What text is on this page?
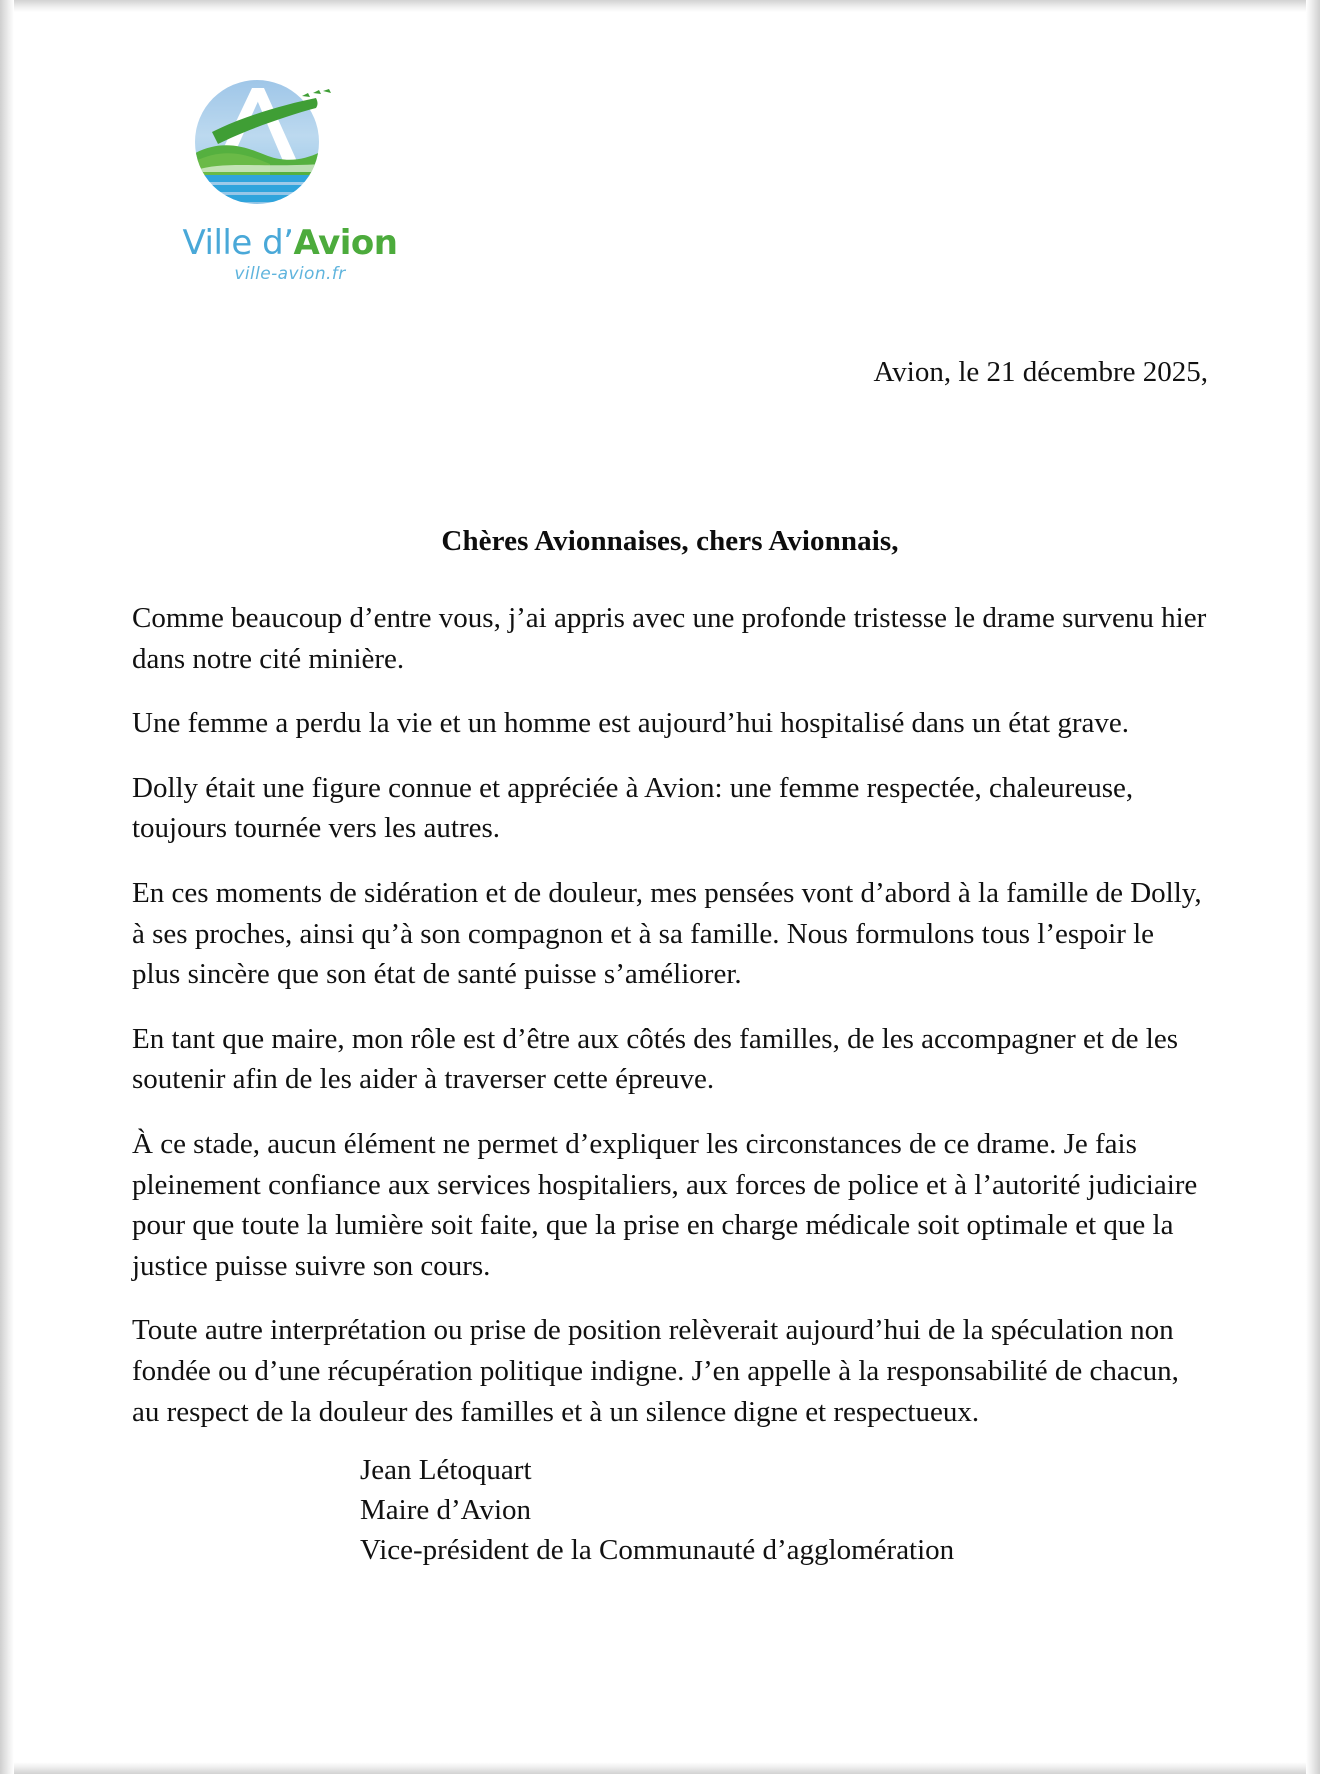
Ville d’Avion
ville-avion.fr
Avion, le 21 décembre 2025,

Chères Avionnaises, chers Avionnais,

Comme beaucoup d’entre vous, j’ai appris avec une profonde tristesse le drame survenu hier dans notre cité minière.

Une femme a perdu la vie et un homme est aujourd’hui hospitalisé dans un état grave.

Dolly était une figure connue et appréciée à Avion: une femme respectée, chaleureuse, toujours tournée vers les autres.

En ces moments de sidération et de douleur, mes pensées vont d’abord à la famille de Dolly, à ses proches, ainsi qu’à son compagnon et à sa famille. Nous formulons tous l’espoir le plus sincère que son état de santé puisse s’améliorer.

En tant que maire, mon rôle est d’être aux côtés des familles, de les accompagner et de les soutenir afin de les aider à traverser cette épreuve.

À ce stade, aucun élément ne permet d’expliquer les circonstances de ce drame. Je fais pleinement confiance aux services hospitaliers, aux forces de police et à l’autorité judiciaire pour que toute la lumière soit faite, que la prise en charge médicale soit optimale et que la justice puisse suivre son cours.

Toute autre interprétation ou prise de position relèverait aujourd’hui de la spéculation non fondée ou d’une récupération politique indigne. J’en appelle à la responsabilité de chacun, au respect de la douleur des familles et à un silence digne et respectueux.

Jean Létoquart
Maire d’Avion
Vice-président de la Communauté d’agglomération
